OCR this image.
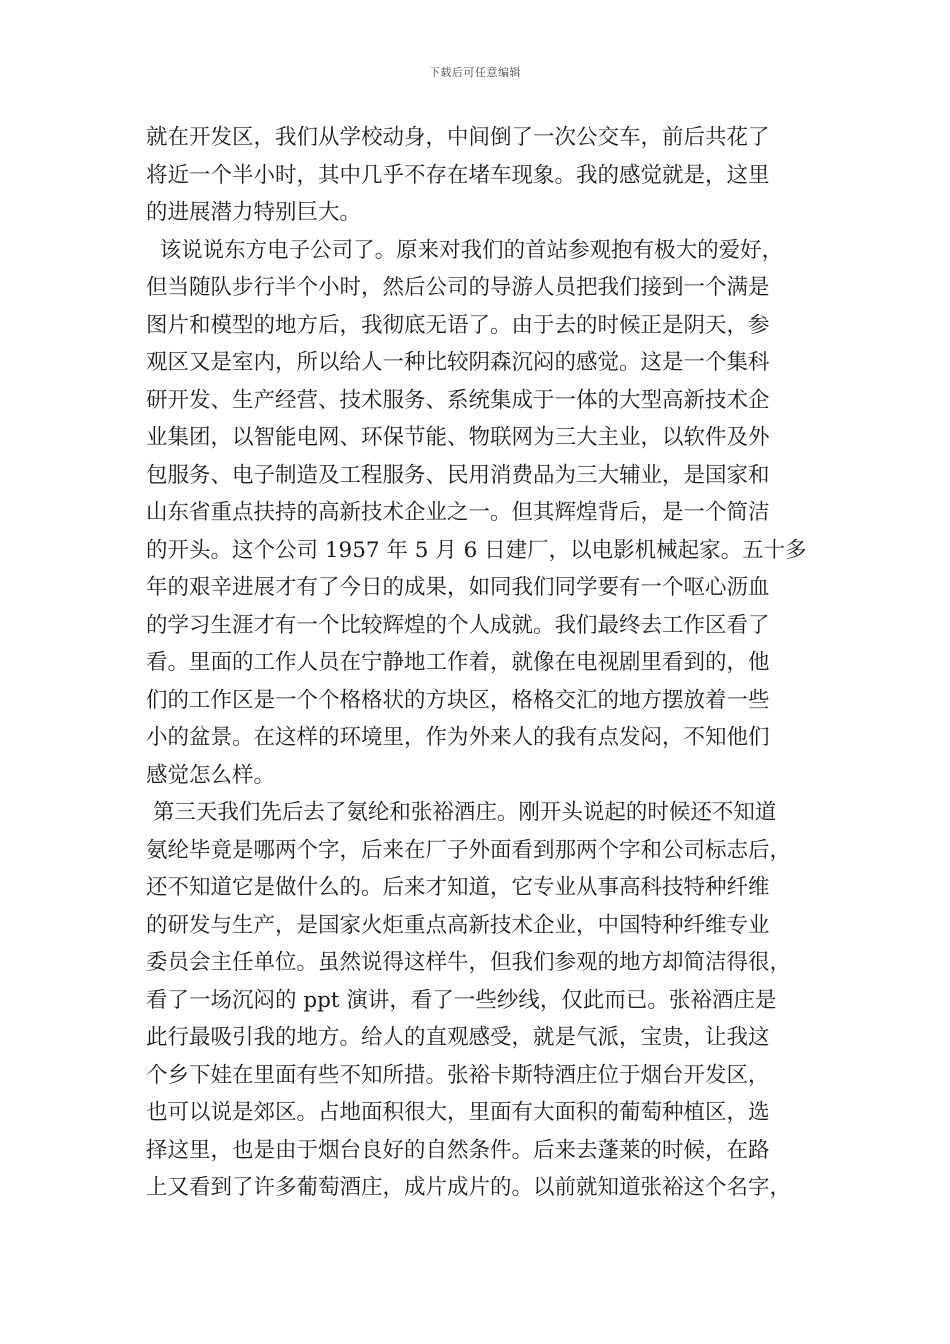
下载后可任意编辑
就在开发区，我们从学校动身，中间倒了一次公交车，前后共花了
将近一个半小时，其中几乎不存在堵车现象。我的感觉就是，这里
的进展潜力特别巨大。
该说说东方电子公司了。原来对我们的首站参观抱有极大的爱好，
但当随队步行半个小时，然后公司的导游人员把我们接到一个满是
图片和模型的地方后，我彻底无语了。由于去的时候正是阴天，参
观区又是室内，所以给人一种比较阴森沉闷的感觉。这是一个集科
研开发、生产经营、技术服务、系统集成于一体的大型高新技术企
业集团，以智能电网、环保节能、物联网为三大主业，以软件及外
包服务、电子制造及工程服务、民用消费品为三大辅业，是国家和
山东省重点扶持的高新技术企业之一。但其辉煌背后，是一个简洁
的开头。这个公司 1957 年 5 月 6 日建厂，以电影机械起家。五十多
年的艰辛进展才有了今日的成果，如同我们同学要有一个呕心沥血
的学习生涯才有一个比较辉煌的个人成就。我们最终去工作区看了
看。里面的工作人员在宁静地工作着，就像在电视剧里看到的，他
们的工作区是一个个格格状的方块区，格格交汇的地方摆放着一些
小的盆景。在这样的环境里，作为外来人的我有点发闷，不知他们
感觉怎么样。
第三天我们先后去了氨纶和张裕酒庄。刚开头说起的时候还不知道
氨纶毕竟是哪两个字，后来在厂子外面看到那两个字和公司标志后，
还不知道它是做什么的。后来才知道，它专业从事高科技特种纤维
的研发与生产，是国家火炬重点高新技术企业，中国特种纤维专业
委员会主任单位。虽然说得这样牛，但我们参观的地方却简洁得很，
看了一场沉闷的 ppt 演讲，看了一些纱线，仅此而已。张裕酒庄是
此行最吸引我的地方。给人的直观感受，就是气派，宝贵，让我这
个乡下娃在里面有些不知所措。张裕卡斯特酒庄位于烟台开发区，
也可以说是郊区。占地面积很大，里面有大面积的葡萄种植区，选
择这里，也是由于烟台良好的自然条件。后来去蓬莱的时候，在路
上又看到了许多葡萄酒庄，成片成片的。以前就知道张裕这个名字，
